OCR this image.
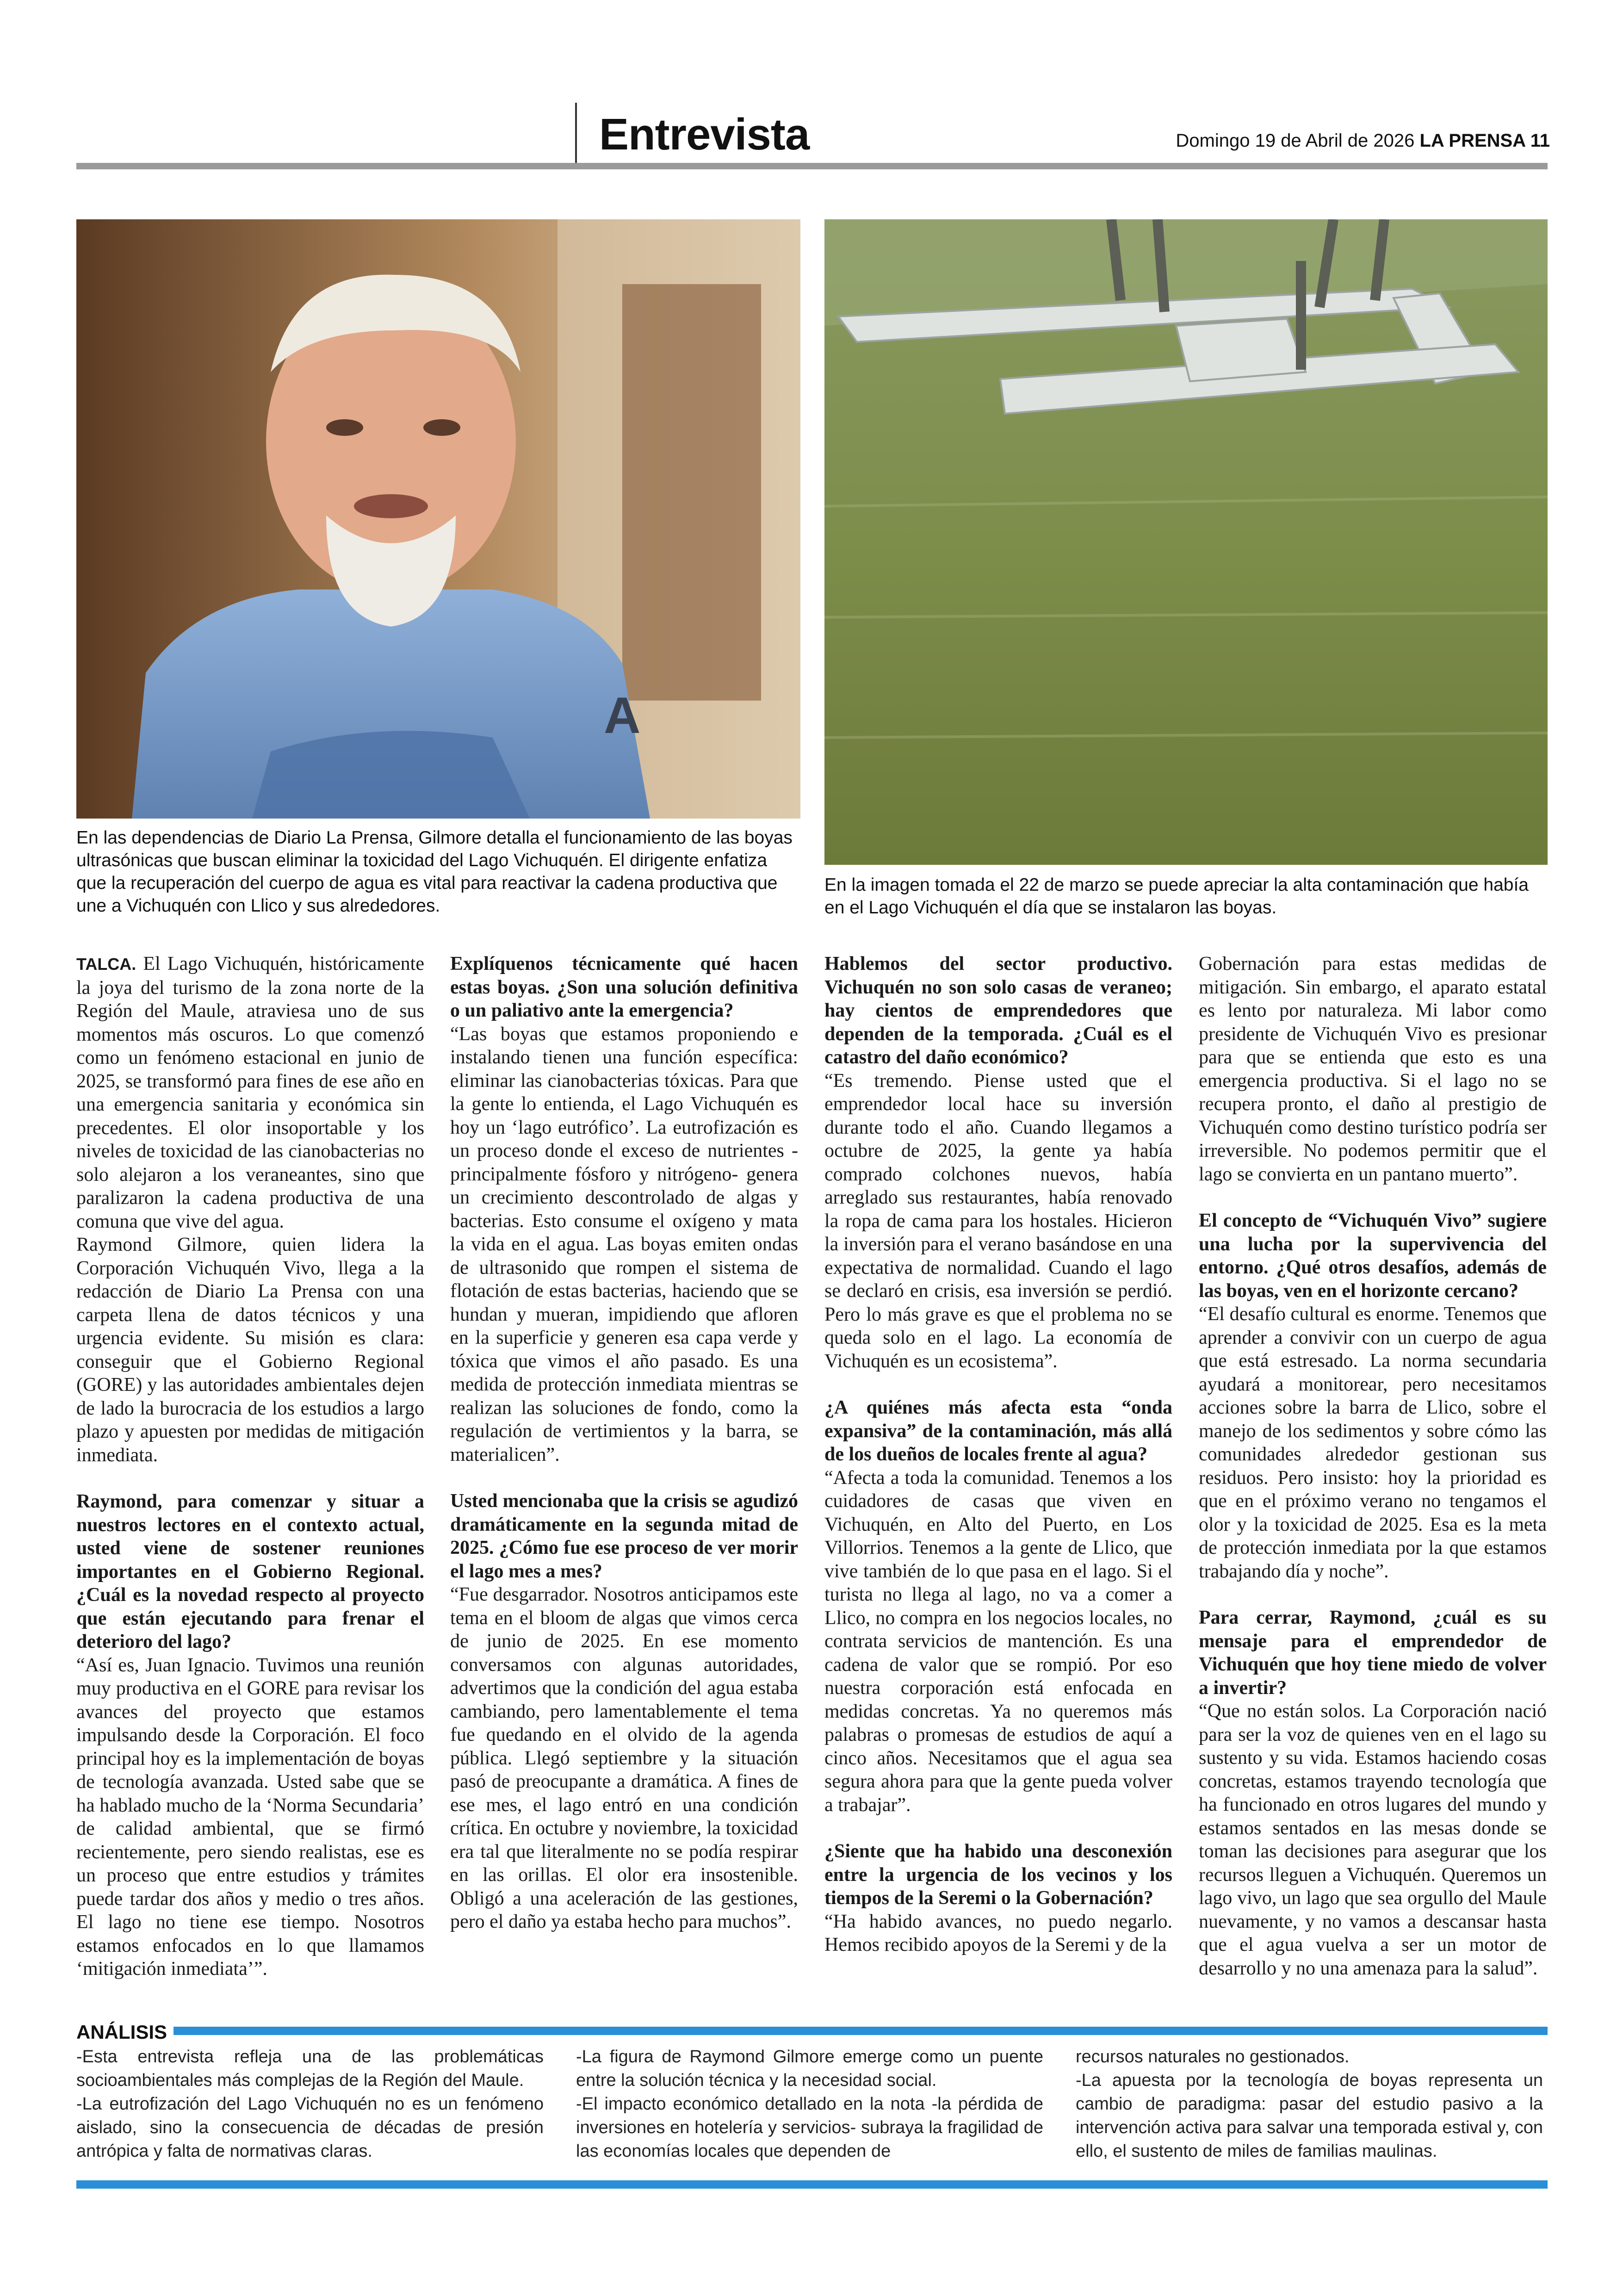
Entrevista	Domingo 19 de Abril de 2026 LA PRENSA 11
A
En las dependencias de Diario La Prensa, Gilmore detalla el funcionamiento de las boyas ultrasónicas que buscan eliminar la toxicidad del Lago Vichuquén. El dirigente enfatiza que la recuperación del cuerpo de agua es vital para reactivar la cadena productiva que une a Vichuquén con Llico y sus alrededores.
En la imagen tomada el 22 de marzo se puede apreciar la alta contaminación que había en el Lago Vichuquén el día que se instalaron las boyas.

TALCA. El Lago Vichuquén, históricamente la joya del turismo de la zona norte de la Región del Maule, atraviesa uno de sus momentos más oscuros. Lo que comenzó como un fenómeno estacional en junio de 2025, se transformó para fines de ese año en una emergencia sanitaria y económica sin precedentes. El olor insoportable y los niveles de toxicidad de las cianobacterias no solo alejaron a los veraneantes, sino que paralizaron la cadena productiva de una comuna que vive del agua.

Raymond Gilmore, quien lidera la Corporación Vichuquén Vivo, llega a la redacción de Diario La Prensa con una carpeta llena de datos técnicos y una urgencia evidente. Su misión es clara: conseguir que el Gobierno Regional (GORE) y las autoridades ambientales dejen de lado la burocracia de los estudios a largo plazo y apuesten por medidas de mitigación inmediata.

Raymond, para comenzar y situar a nuestros lectores en el contexto actual, usted viene de sostener reuniones importantes en el Gobierno Regional. ¿Cuál es la novedad respecto al proyecto que están ejecutando para frenar el deterioro del lago?

“Así es, Juan Ignacio. Tuvimos una reunión muy productiva en el GORE para revisar los avances del proyecto que estamos impulsando desde la Corporación. El foco principal hoy es la implementación de boyas de tecnología avanzada. Usted sabe que se ha hablado mucho de la ‘Norma Secundaria’ de calidad ambiental, que se firmó recientemente, pero siendo realistas, ese es un proceso que entre estudios y trámites puede tardar dos años y medio o tres años. El lago no tiene ese tiempo. Nosotros estamos enfocados en lo que llamamos ‘mitigación inmediata’”.

Explíquenos técnicamente qué hacen estas boyas. ¿Son una solución definitiva o un paliativo ante la emergencia?

“Las boyas que estamos proponiendo e instalando tienen una función específica: eliminar las cianobacterias tóxicas. Para que la gente lo entienda, el Lago Vichuquén es hoy un ‘lago eutrófico’. La eutrofización es un proceso donde el exceso de nutrientes -principalmente fósforo y nitrógeno- genera un crecimiento descontrolado de algas y bacterias. Esto consume el oxígeno y mata la vida en el agua. Las boyas emiten ondas de ultrasonido que rompen el sistema de flotación de estas bacterias, haciendo que se hundan y mueran, impidiendo que afloren en la superficie y generen esa capa verde y tóxica que vimos el año pasado. Es una medida de protección inmediata mientras se realizan las soluciones de fondo, como la regulación de vertimientos y la barra, se materialicen”.

Usted mencionaba que la crisis se agudizó dramáticamente en la segunda mitad de 2025. ¿Cómo fue ese proceso de ver morir el lago mes a mes?

“Fue desgarrador. Nosotros anticipamos este tema en el bloom de algas que vimos cerca de junio de 2025. En ese momento conversamos con algunas autoridades, advertimos que la condición del agua estaba cambiando, pero lamentablemente el tema fue quedando en el olvido de la agenda pública. Llegó septiembre y la situación pasó de preocupante a dramática. A fines de ese mes, el lago entró en una condición crítica. En octubre y noviembre, la toxicidad era tal que literalmente no se podía respirar en las orillas. El olor era insostenible. Obligó a una aceleración de las gestiones, pero el daño ya estaba hecho para muchos”.

Hablemos del sector productivo. Vichuquén no son solo casas de veraneo; hay cientos de emprendedores que dependen de la temporada. ¿Cuál es el catastro del daño económico?

“Es tremendo. Piense usted que el emprendedor local hace su inversión durante todo el año. Cuando llegamos a octubre de 2025, la gente ya había comprado colchones nuevos, había arreglado sus restaurantes, había renovado la ropa de cama para los hostales. Hicieron la inversión para el verano basándose en una expectativa de normalidad. Cuando el lago se declaró en crisis, esa inversión se perdió. Pero lo más grave es que el problema no se queda solo en el lago. La economía de Vichuquén es un ecosistema”.

¿A quiénes más afecta esta “onda expansiva” de la contaminación, más allá de los dueños de locales frente al agua?

“Afecta a toda la comunidad. Tenemos a los cuidadores de casas que viven en Vichuquén, en Alto del Puerto, en Los Villorrios. Tenemos a la gente de Llico, que vive también de lo que pasa en el lago. Si el turista no llega al lago, no va a comer a Llico, no compra en los negocios locales, no contrata servicios de mantención. Es una cadena de valor que se rompió. Por eso nuestra corporación está enfocada en medidas concretas. Ya no queremos más palabras o promesas de estudios de aquí a cinco años. Necesitamos que el agua sea segura ahora para que la gente pueda volver a trabajar”.

¿Siente que ha habido una desconexión entre la urgencia de los vecinos y los tiempos de la Seremi o la Gobernación?

“Ha habido avances, no puedo negarlo. Hemos recibido apoyos de la Seremi y de la

Gobernación para estas medidas de mitigación. Sin embargo, el aparato estatal es lento por naturaleza. Mi labor como presidente de Vichuquén Vivo es presionar para que se entienda que esto es una emergencia productiva. Si el lago no se recupera pronto, el daño al prestigio de Vichuquén como destino turístico podría ser irreversible. No podemos permitir que el lago se convierta en un pantano muerto”.

El concepto de “Vichuquén Vivo” sugiere una lucha por la supervivencia del entorno. ¿Qué otros desafíos, además de las boyas, ven en el horizonte cercano?

“El desafío cultural es enorme. Tenemos que aprender a convivir con un cuerpo de agua que está estresado. La norma secundaria ayudará a monitorear, pero necesitamos acciones sobre la barra de Llico, sobre el manejo de los sedimentos y sobre cómo las comunidades alrededor gestionan sus residuos. Pero insisto: hoy la prioridad es que en el próximo verano no tengamos el olor y la toxicidad de 2025. Esa es la meta de protección inmediata por la que estamos trabajando día y noche”.

Para cerrar, Raymond, ¿cuál es su mensaje para el emprendedor de Vichuquén que hoy tiene miedo de volver a invertir?

“Que no están solos. La Corporación nació para ser la voz de quienes ven en el lago su sustento y su vida. Estamos haciendo cosas concretas, estamos trayendo tecnología que ha funcionado en otros lugares del mundo y estamos sentados en las mesas donde se toman las decisiones para asegurar que los recursos lleguen a Vichuquén. Queremos un lago vivo, un lago que sea orgullo del Maule nuevamente, y no vamos a descansar hasta que el agua vuelva a ser un motor de desarrollo y no una amenaza para la salud”.

ANÁLISIS

-Esta entrevista refleja una de las problemáticas socioambientales más complejas de la Región del Maule.

-La eutrofización del Lago Vichuquén no es un fenómeno aislado, sino la consecuencia de décadas de presión antrópica y falta de normativas claras.

-La figura de Raymond Gilmore emerge como un puente entre la solución técnica y la necesidad social.

-El impacto económico detallado en la nota -la pérdida de inversiones en hotelería y servicios- subraya la fragilidad de las economías locales que dependen de

recursos naturales no gestionados.

-La apuesta por la tecnología de boyas representa un cambio de paradigma: pasar del estudio pasivo a la intervención activa para salvar una temporada estival y, con ello, el sustento de miles de familias maulinas.
